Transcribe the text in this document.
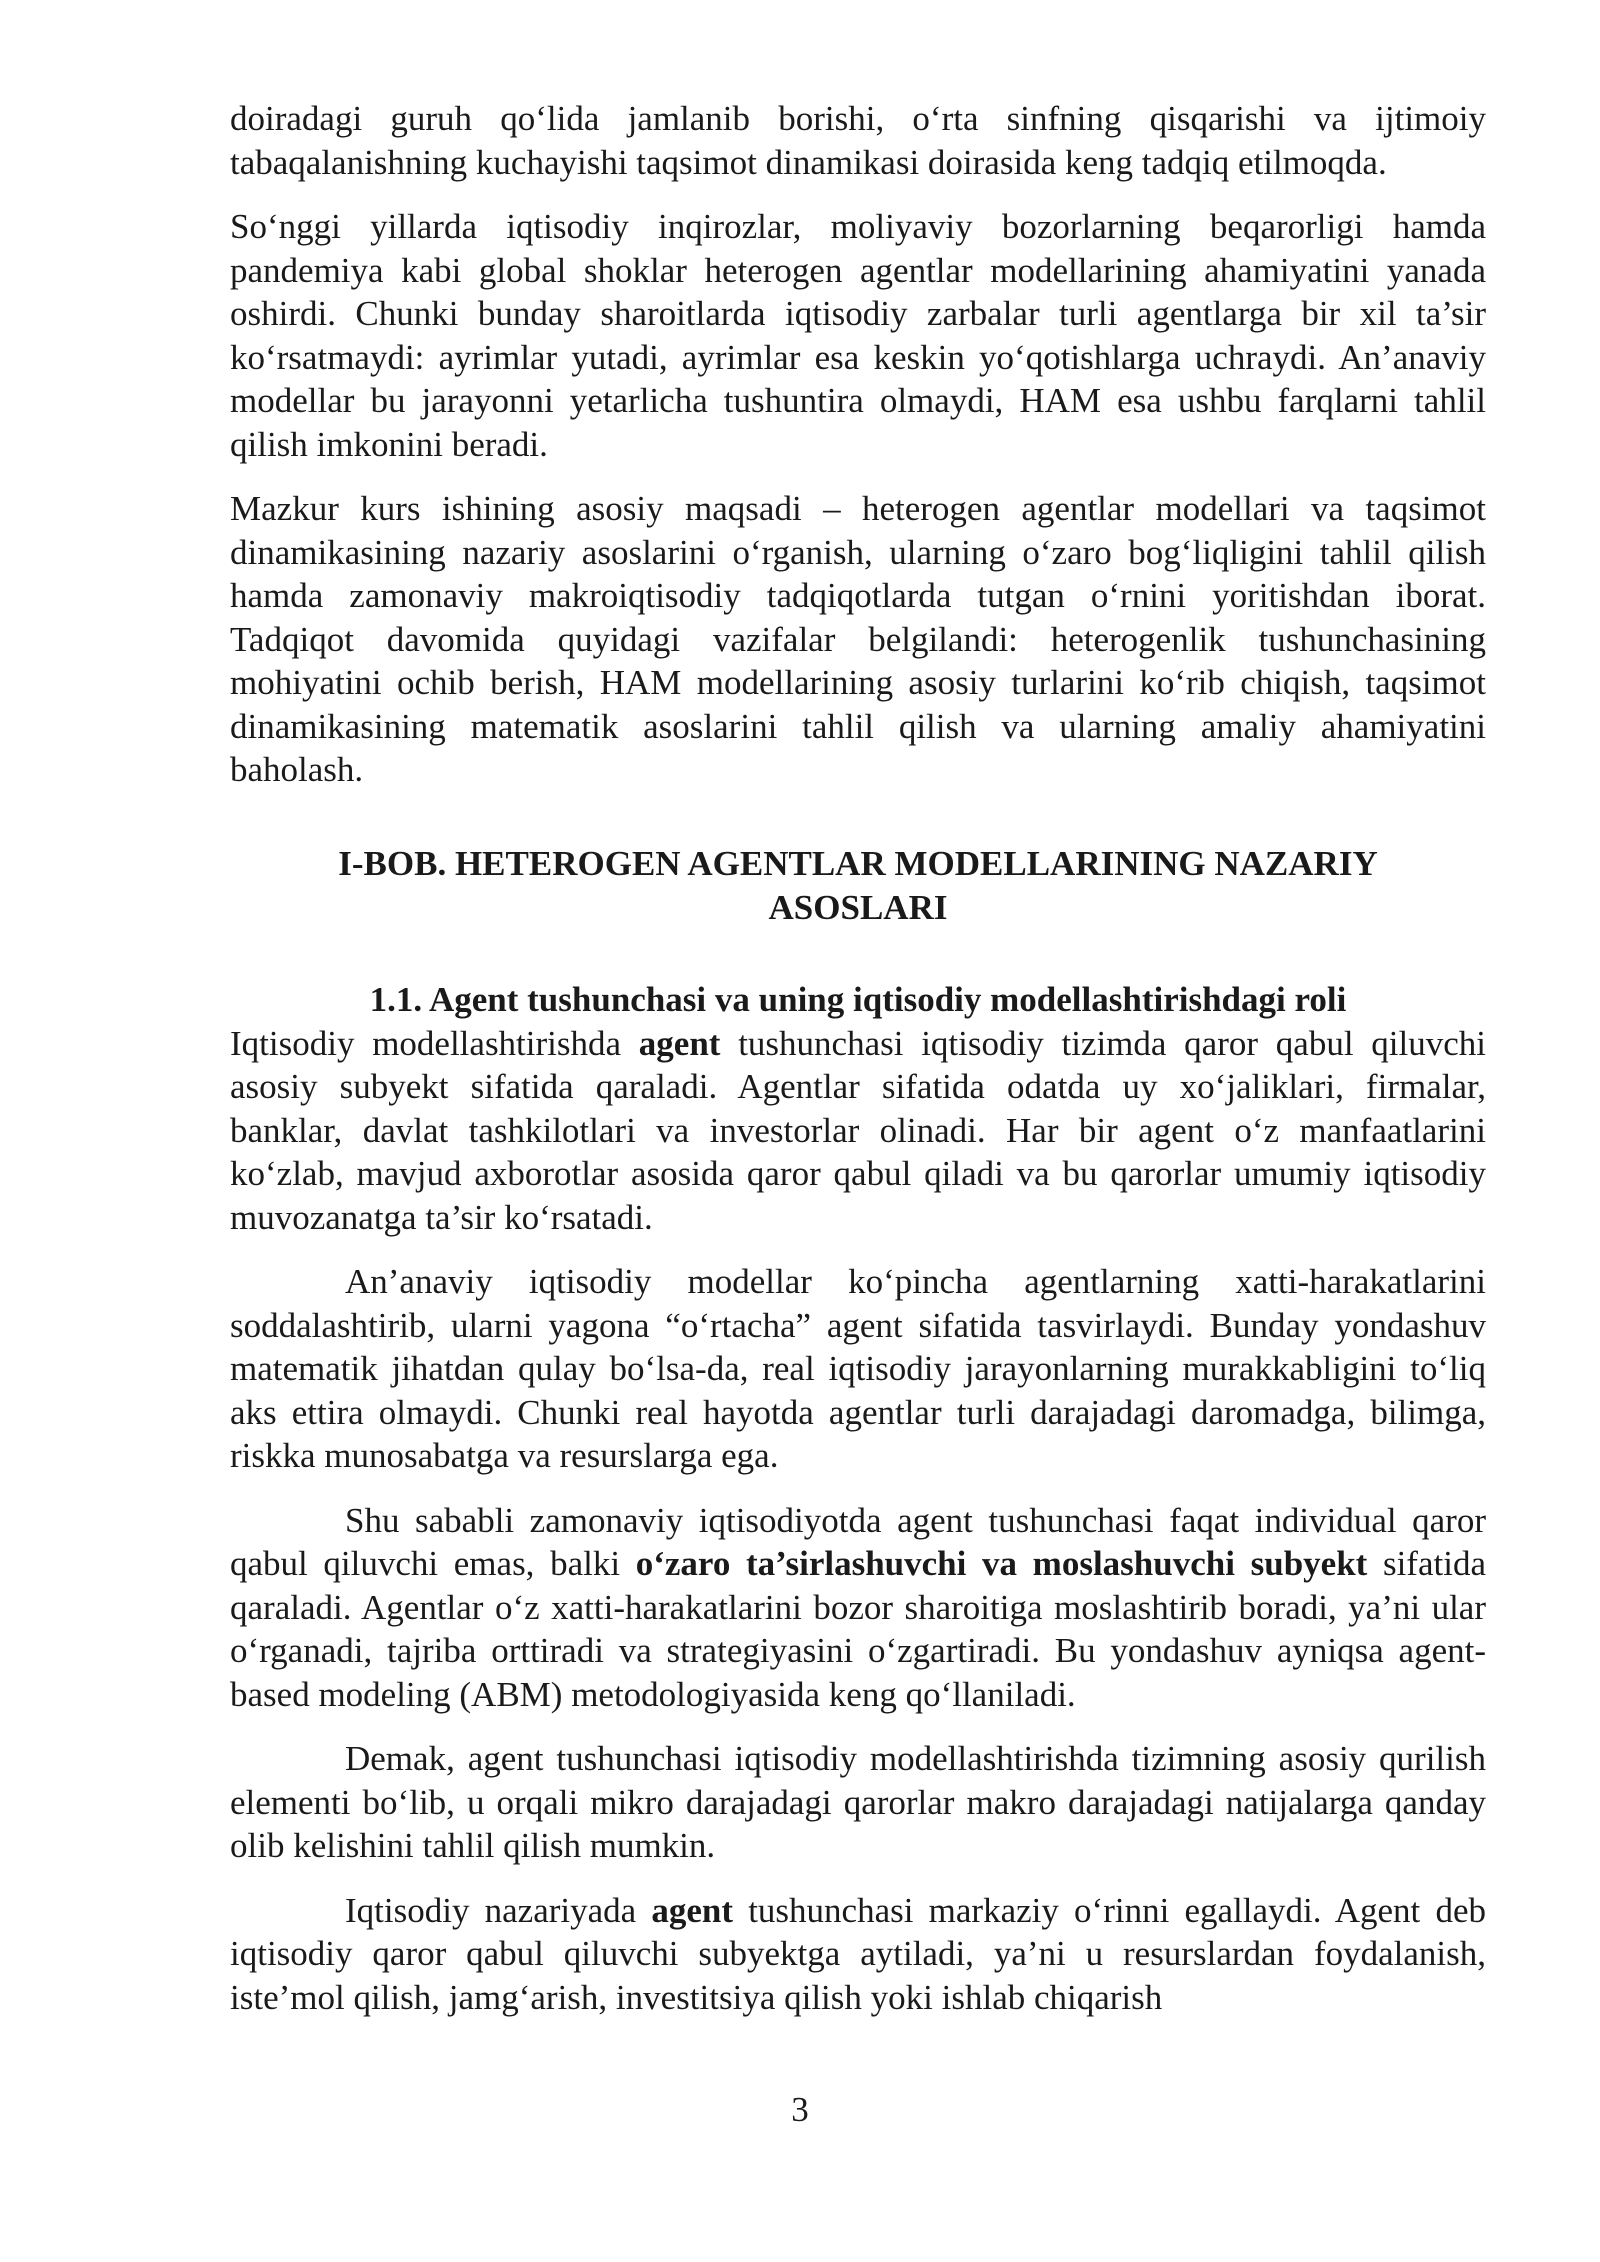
doiradagi guruh qo‘lida jamlanib borishi, o‘rta sinfning qisqarishi va ijtimoiy tabaqalanishning kuchayishi taqsimot dinamikasi doirasida keng tadqiq etilmoqda.

So‘nggi yillarda iqtisodiy inqirozlar, moliyaviy bozorlarning beqarorligi hamda pandemiya kabi global shoklar heterogen agentlar modellarining ahamiyatini yanada oshirdi. Chunki bunday sharoitlarda iqtisodiy zarbalar turli agentlarga bir xil ta’sir ko‘rsatmaydi: ayrimlar yutadi, ayrimlar esa keskin yo‘qotishlarga uchraydi. An’anaviy modellar bu jarayonni yetarlicha tushuntira olmaydi, HAM esa ushbu farqlarni tahlil qilish imkonini beradi.

Mazkur kurs ishining asosiy maqsadi – heterogen agentlar modellari va taqsimot dinamikasining nazariy asoslarini o‘rganish, ularning o‘zaro bog‘liqligini tahlil qilish hamda zamonaviy makroiqtisodiy tadqiqotlarda tutgan o‘rnini yoritishdan iborat. Tadqiqot davomida quyidagi vazifalar belgilandi: heterogenlik tushunchasining mohiyatini ochib berish, HAM modellarining asosiy turlarini ko‘rib chiqish, taqsimot dinamikasining matematik asoslarini tahlil qilish va ularning amaliy ahamiyatini baholash.

I-BOB. HETEROGEN AGENTLAR MODELLARINING NAZARIY
ASOSLARI

1.1. Agent tushunchasi va uning iqtisodiy modellashtirishdagi roli

Iqtisodiy modellashtirishda agent tushunchasi iqtisodiy tizimda qaror qabul qiluvchi asosiy subyekt sifatida qaraladi. Agentlar sifatida odatda uy xo‘jaliklari, firmalar, banklar, davlat tashkilotlari va investorlar olinadi. Har bir agent o‘z manfaatlarini ko‘zlab, mavjud axborotlar asosida qaror qabul qiladi va bu qarorlar umumiy iqtisodiy muvozanatga ta’sir ko‘rsatadi.

An’anaviy iqtisodiy modellar ko‘pincha agentlarning xatti-harakatlarini soddalashtirib, ularni yagona “o‘rtacha” agent sifatida tasvirlaydi. Bunday yondashuv matematik jihatdan qulay bo‘lsa-da, real iqtisodiy jarayonlarning murakkabligini to‘liq aks ettira olmaydi. Chunki real hayotda agentlar turli darajadagi daromadga, bilimga, riskka munosabatga va resurslarga ega.

Shu sababli zamonaviy iqtisodiyotda agent tushunchasi faqat individual qaror qabul qiluvchi emas, balki o‘zaro ta’sirlashuvchi va moslashuvchi subyekt sifatida qaraladi. Agentlar o‘z xatti-harakatlarini bozor sharoitiga moslashtirib boradi, ya’ni ular o‘rganadi, tajriba orttiradi va strategiyasini o‘zgartiradi. Bu yondashuv ayniqsa agent-based modeling (ABM) metodologiyasida keng qo‘llaniladi.

Demak, agent tushunchasi iqtisodiy modellashtirishda tizimning asosiy qurilish elementi bo‘lib, u orqali mikro darajadagi qarorlar makro darajadagi natijalarga qanday olib kelishini tahlil qilish mumkin.

Iqtisodiy nazariyada agent tushunchasi markaziy o‘rinni egallaydi. Agent deb iqtisodiy qaror qabul qiluvchi subyektga aytiladi, ya’ni u resurslardan foydalanish, iste’mol qilish, jamg‘arish, investitsiya qilish yoki ishlab chiqarish

3
